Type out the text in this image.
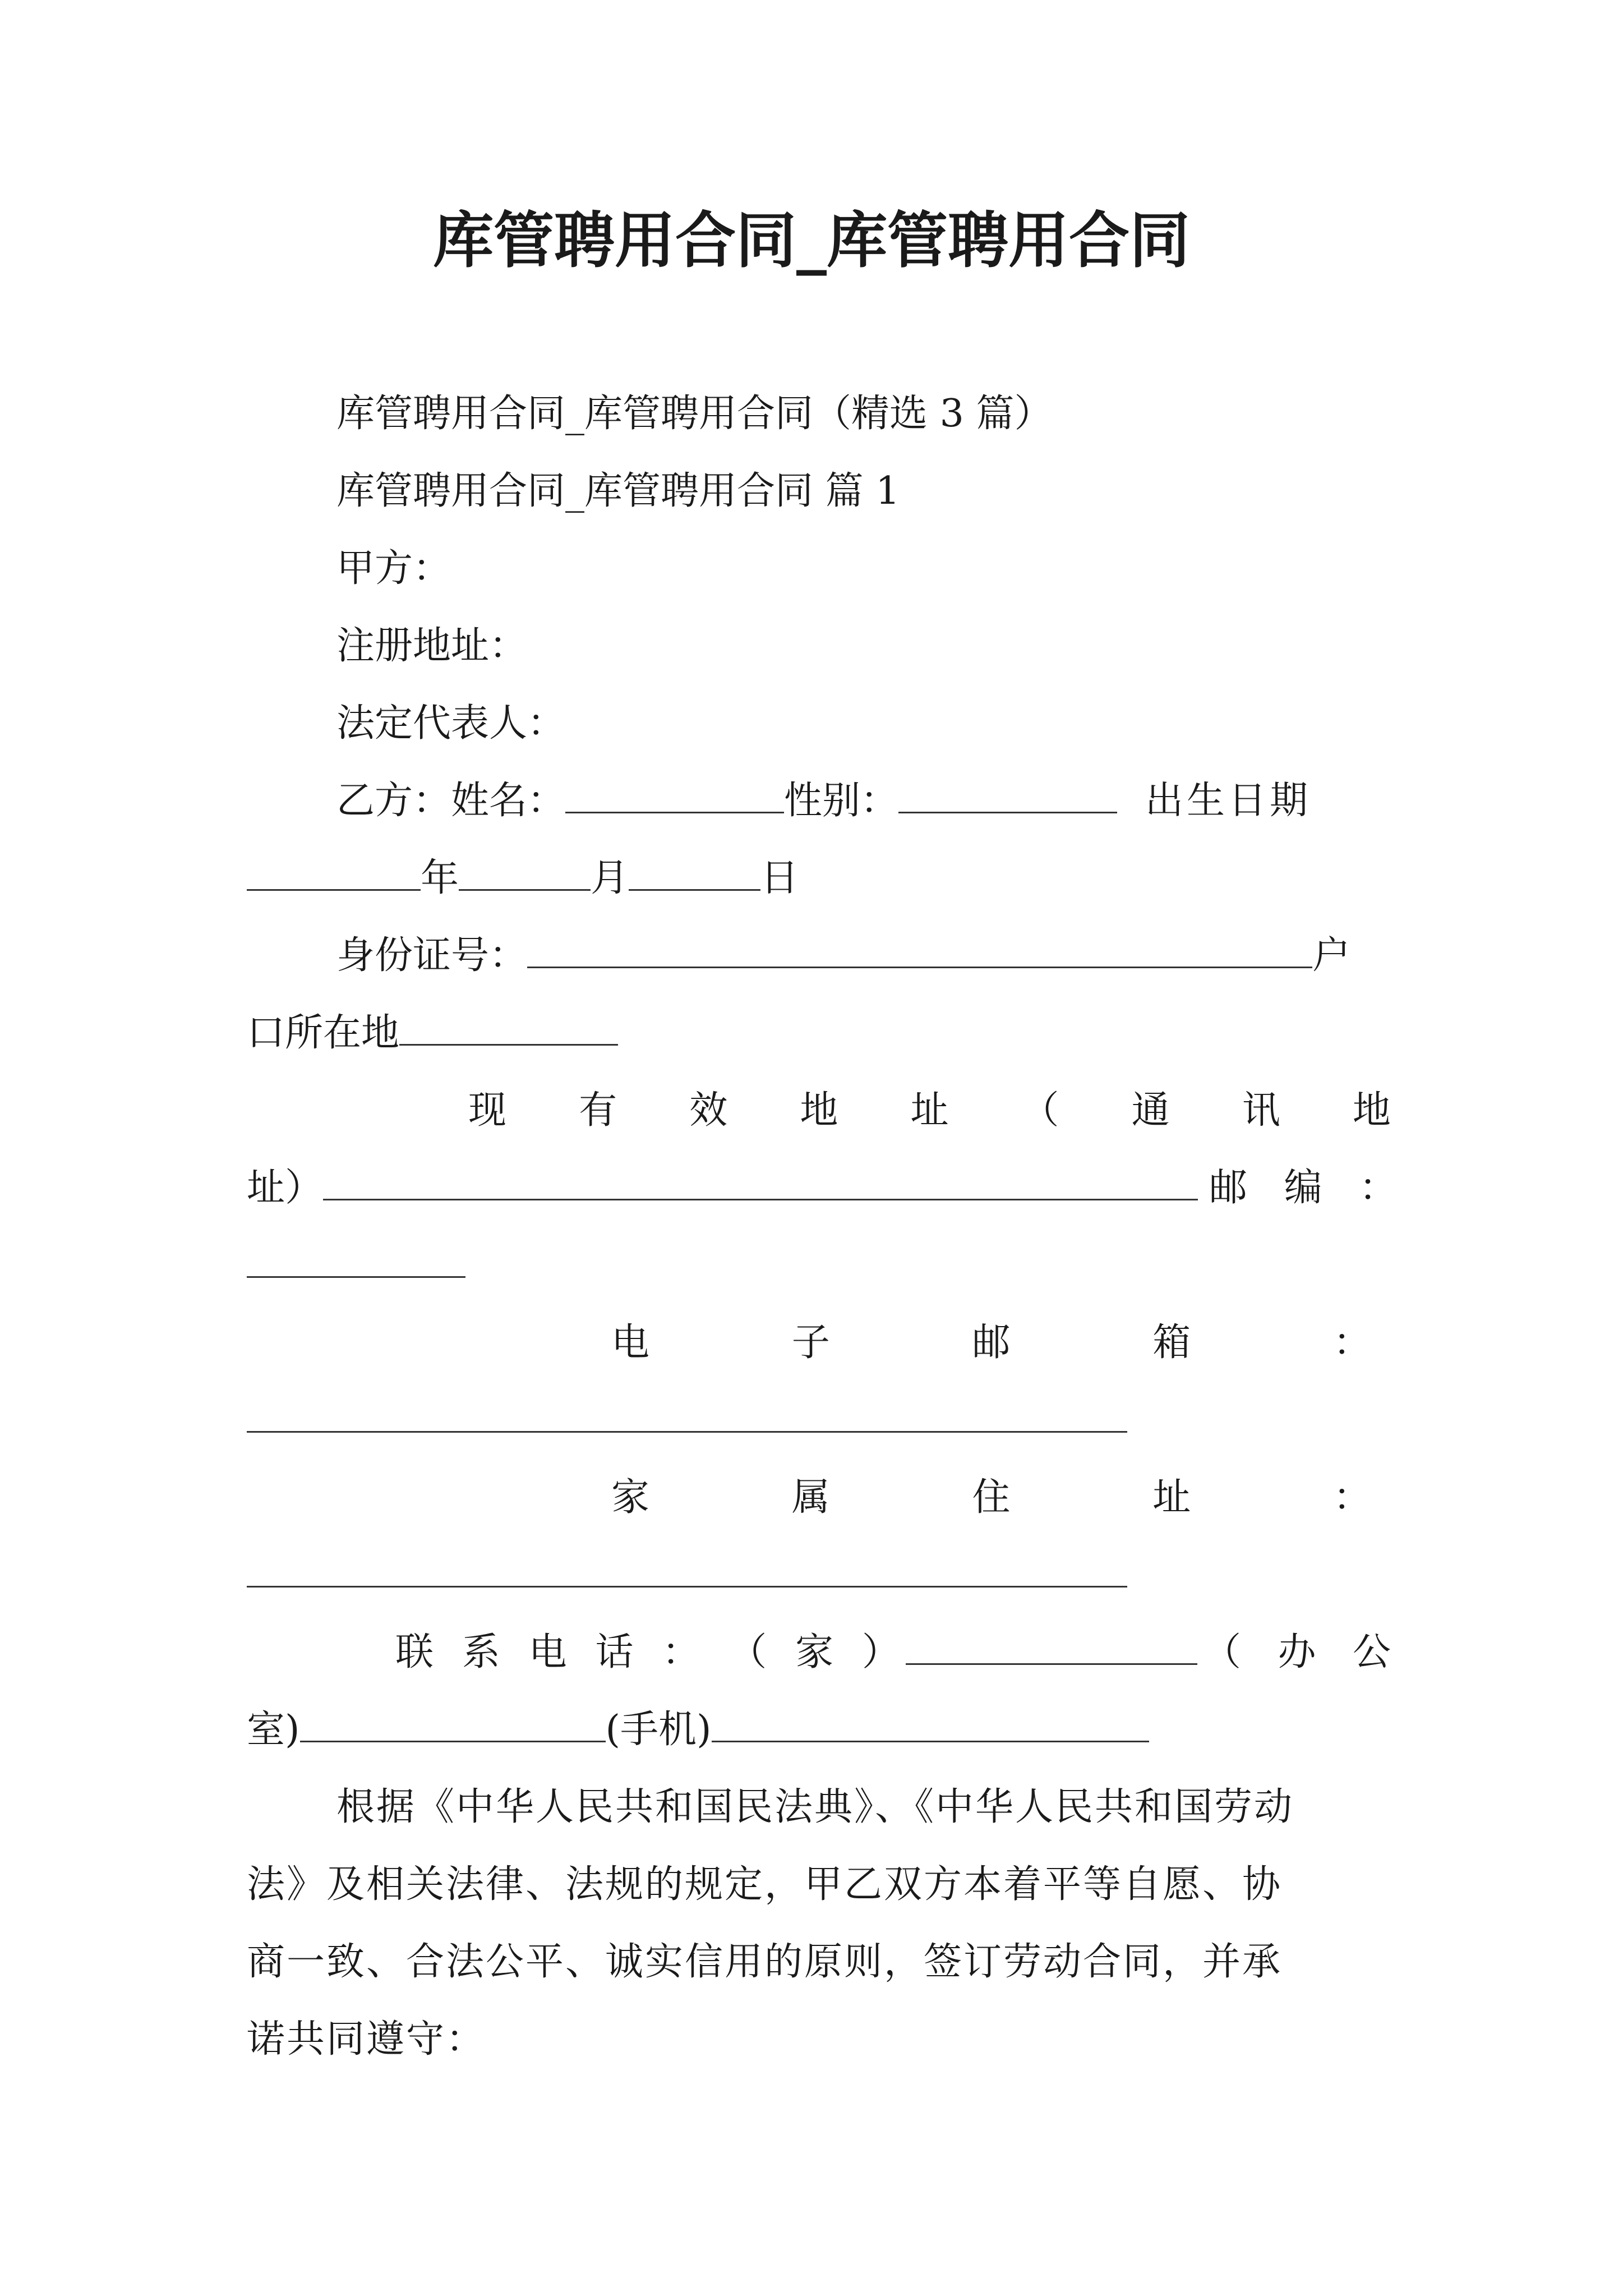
库管聘用合同_库管聘用合同
库管聘用合同_库管聘用合同（精选 3 篇）
库管聘用合同_库管聘用合同 篇 1
甲方：
注册地址：
法定代表人：
乙方：姓名：	性别：	出生日期
年	月	日
身份证号：	户
口所在地
现 有 效 地 址 （ 通 讯 地
址）	邮 编 ：
电	子	邮	箱	：
家	属	住	址	：
联 系 电 话 ： （ 家 ）	（ 办 公
室)	(手机)
根据《中华人民共和国民法典》、《中华人民共和国劳动
法》及相关法律、法规的规定，甲乙双方本着平等自愿、协
商一致、合法公平、诚实信用的原则，签订劳动合同，并承
诺共同遵守：
